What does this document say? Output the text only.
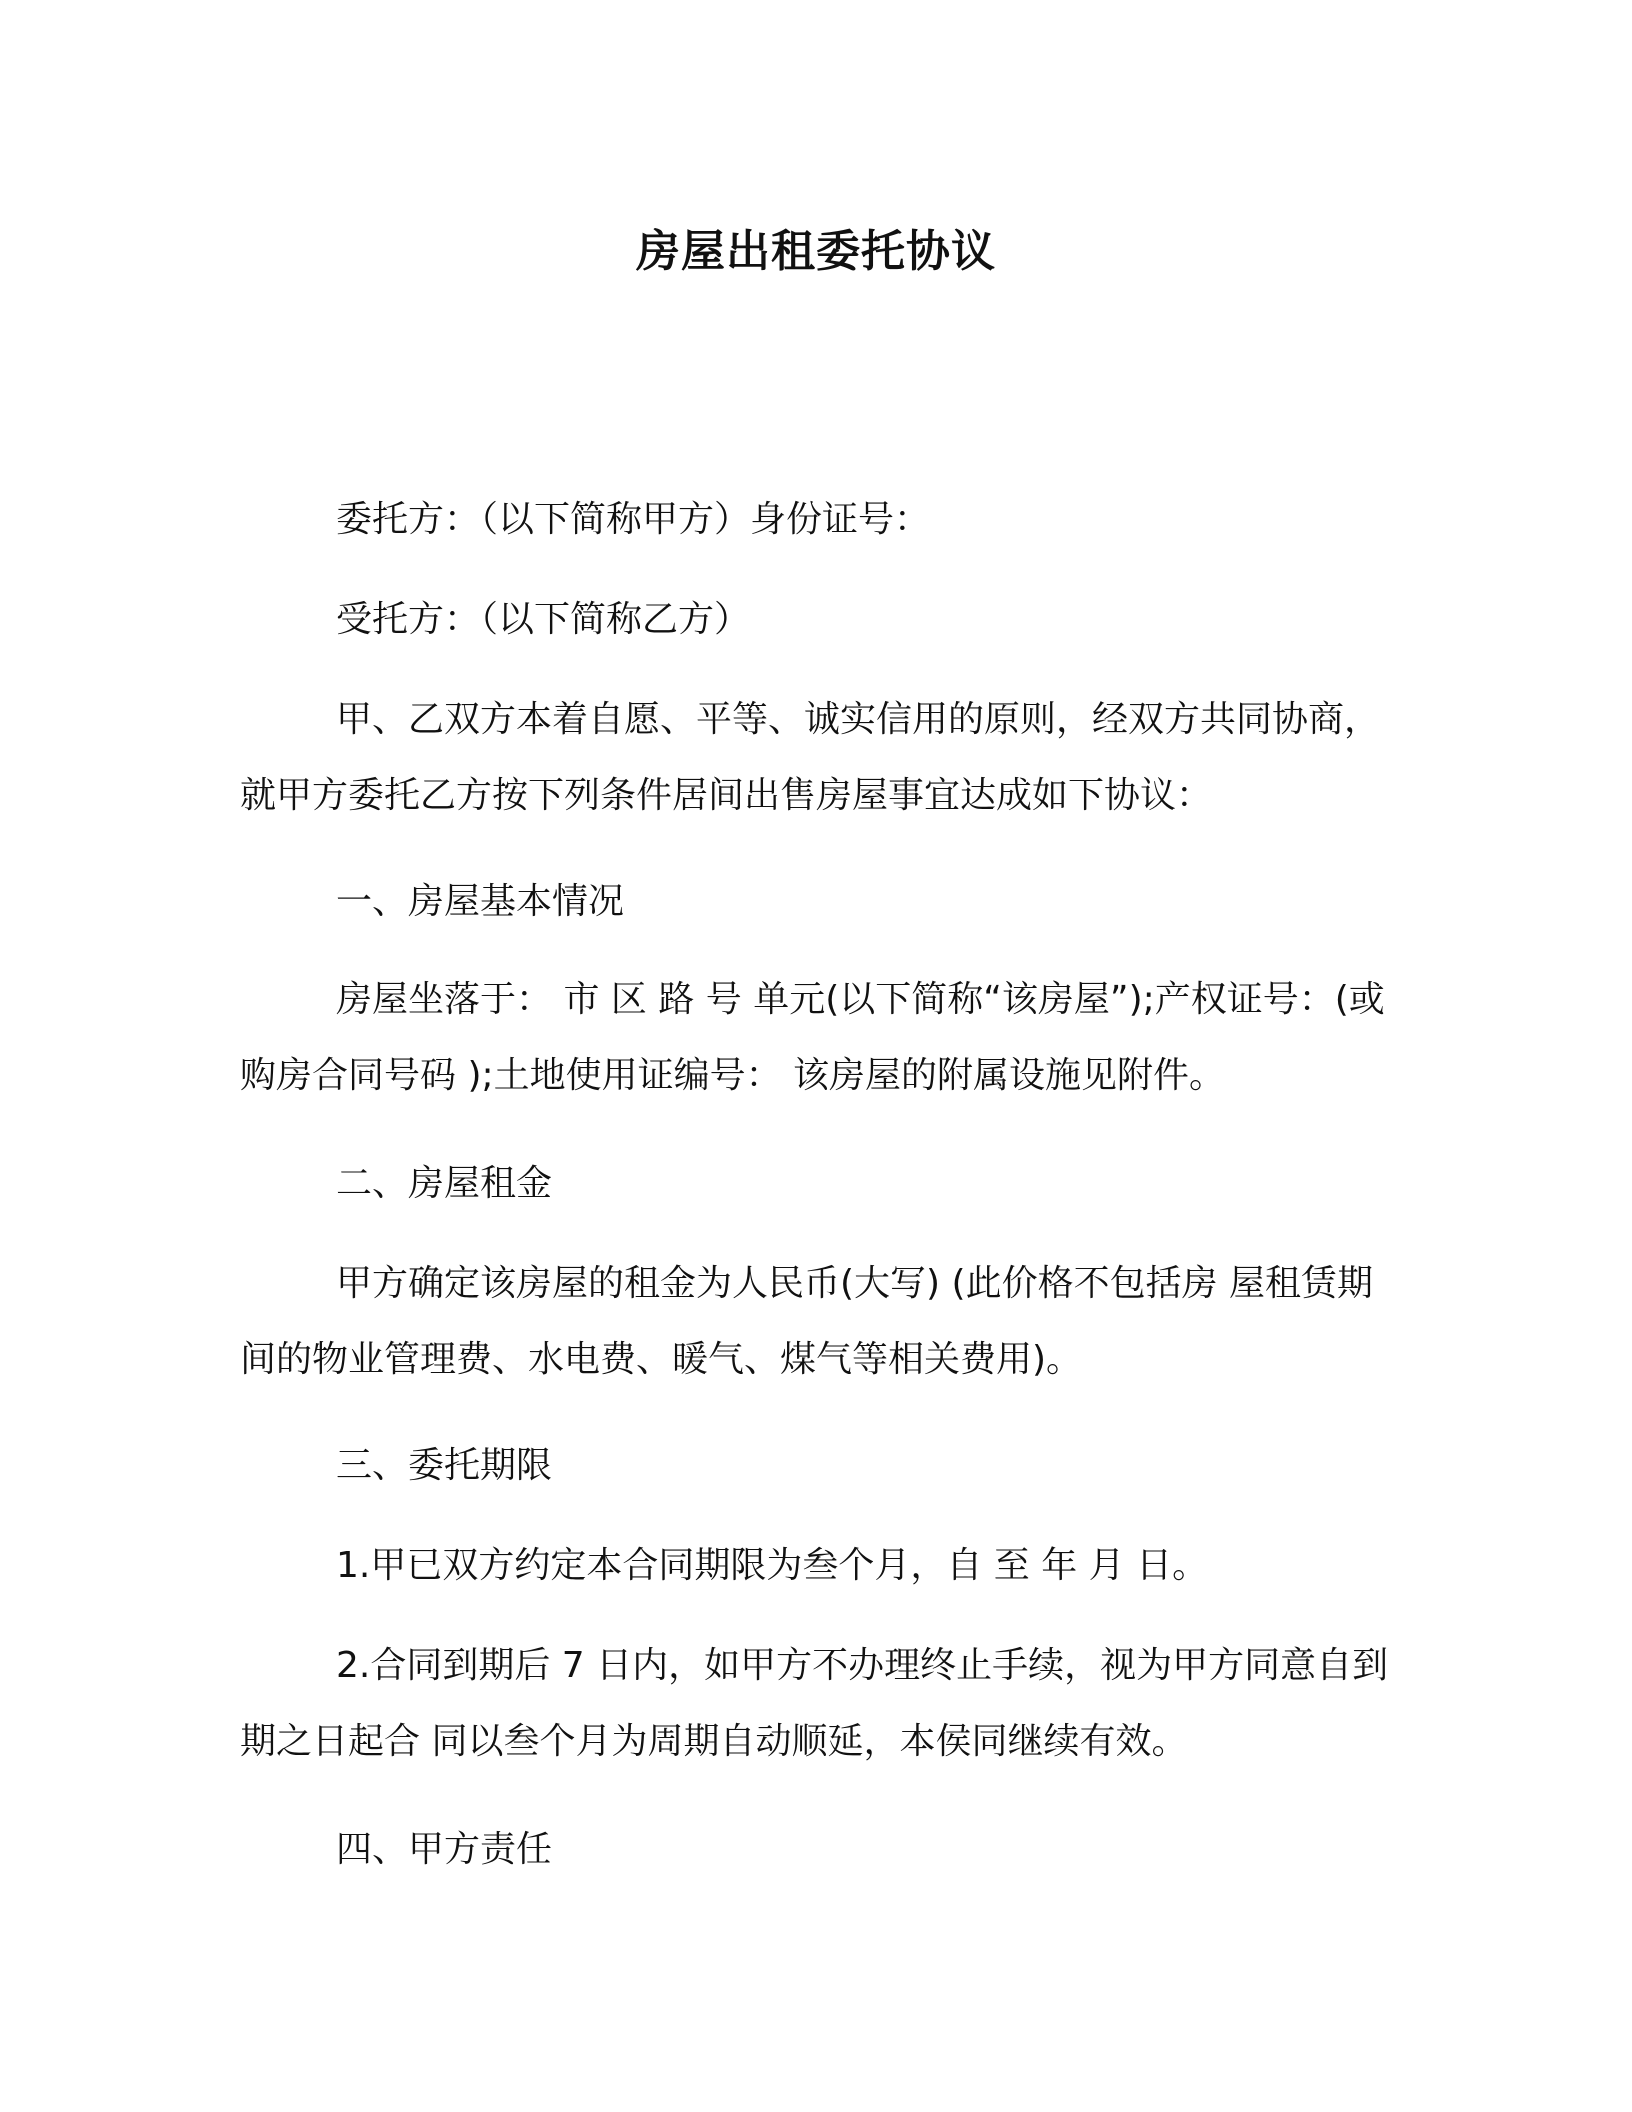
房屋出租委托协议
委托方：（以下简称甲方）身份证号：
受托方：（以下简称乙方）
甲、乙双方本着自愿、平等、诚实信用的原则，经双方共同协商，就甲方委托乙方按下列条件居间出售房屋事宜达成如下协议：
一、房屋基本情况
房屋坐落于： 市 区 路 号 单元(以下简称“该房屋”);产权证号：(或购房合同号码 );土地使用证编号： 该房屋的附属设施见附件。
二、房屋租金
甲方确定该房屋的租金为人民币(大写) (此价格不包括房 屋租赁期间的物业管理费、水电费、暖气、煤气等相关费用)。
三、委托期限
1.甲已双方约定本合同期限为叁个月，自 至 年 月 日。
2.合同到期后 7 日内，如甲方不办理终止手续，视为甲方同意自到期之日起合 同以叁个月为周期自动顺延，本侯同继续有效。
四、甲方责任
